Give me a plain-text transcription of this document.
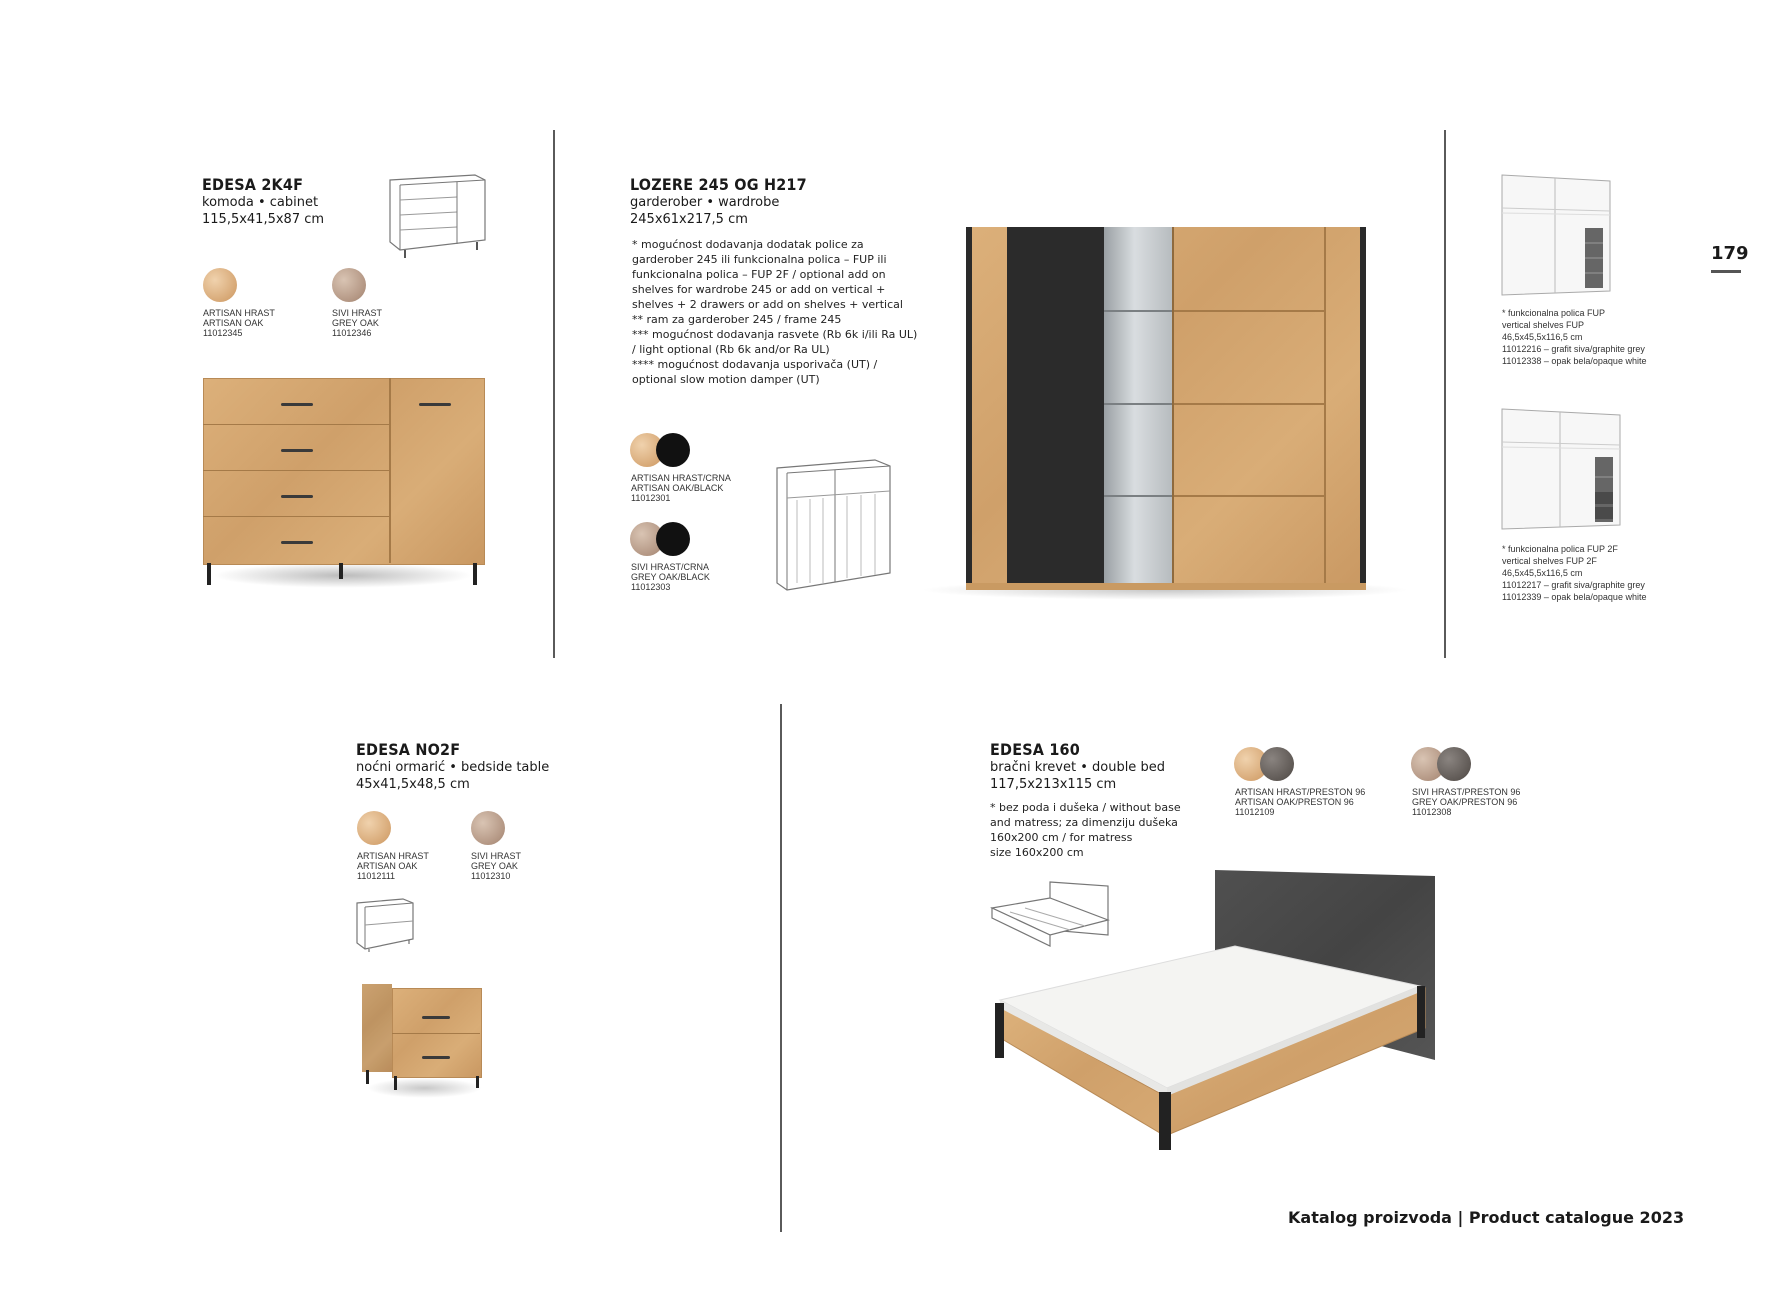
179
EDESA 2K4F
komoda • cabinet
115,5x41,5x87 cm
ARTISAN HRAST
ARTISAN OAK
11012345
SIVI HRAST
GREY OAK
11012346
LOZERE 245 OG H217
garderober • wardrobe
245x61x217,5 cm
* mogućnost dodavanja dodatak police za
garderober 245 ili funkcionalna polica – FUP ili
funkcionalna polica – FUP 2F / optional add on
shelves for wardrobe 245 or add on vertical +
shelves + 2 drawers or add on shelves + vertical
** ram za garderober 245 / frame 245
*** mogućnost dodavanja rasvete (Rb 6k i/ili Ra UL)
/ light optional (Rb 6k and/or Ra UL)
**** mogućnost dodavanja usporivača (UT) /
optional slow motion damper (UT)
ARTISAN HRAST/CRNA
ARTISAN OAK/BLACK
11012301
SIVI HRAST/CRNA
GREY OAK/BLACK
11012303
* funkcionalna polica FUP
vertical shelves FUP
46,5x45,5x116,5 cm
11012216 – grafit siva/graphite grey
11012338 – opak bela/opaque white
* funkcionalna polica FUP 2F
vertical shelves FUP 2F
46,5x45,5x116,5 cm
11012217 – grafit siva/graphite grey
11012339 – opak bela/opaque white
EDESA NO2F
noćni ormarić • bedside table
45x41,5x48,5 cm
ARTISAN HRAST
ARTISAN OAK
11012111
SIVI HRAST
GREY OAK
11012310
EDESA 160
bračni krevet • double bed
117,5x213x115 cm
* bez poda i dušeka / without base
and matress; za dimenziju dušeka
160x200 cm / for matress
size 160x200 cm
ARTISAN HRAST/PRESTON 96
ARTISAN OAK/PRESTON 96
11012109
SIVI HRAST/PRESTON 96
GREY OAK/PRESTON 96
11012308
Katalog proizvoda | Product catalogue 2023
